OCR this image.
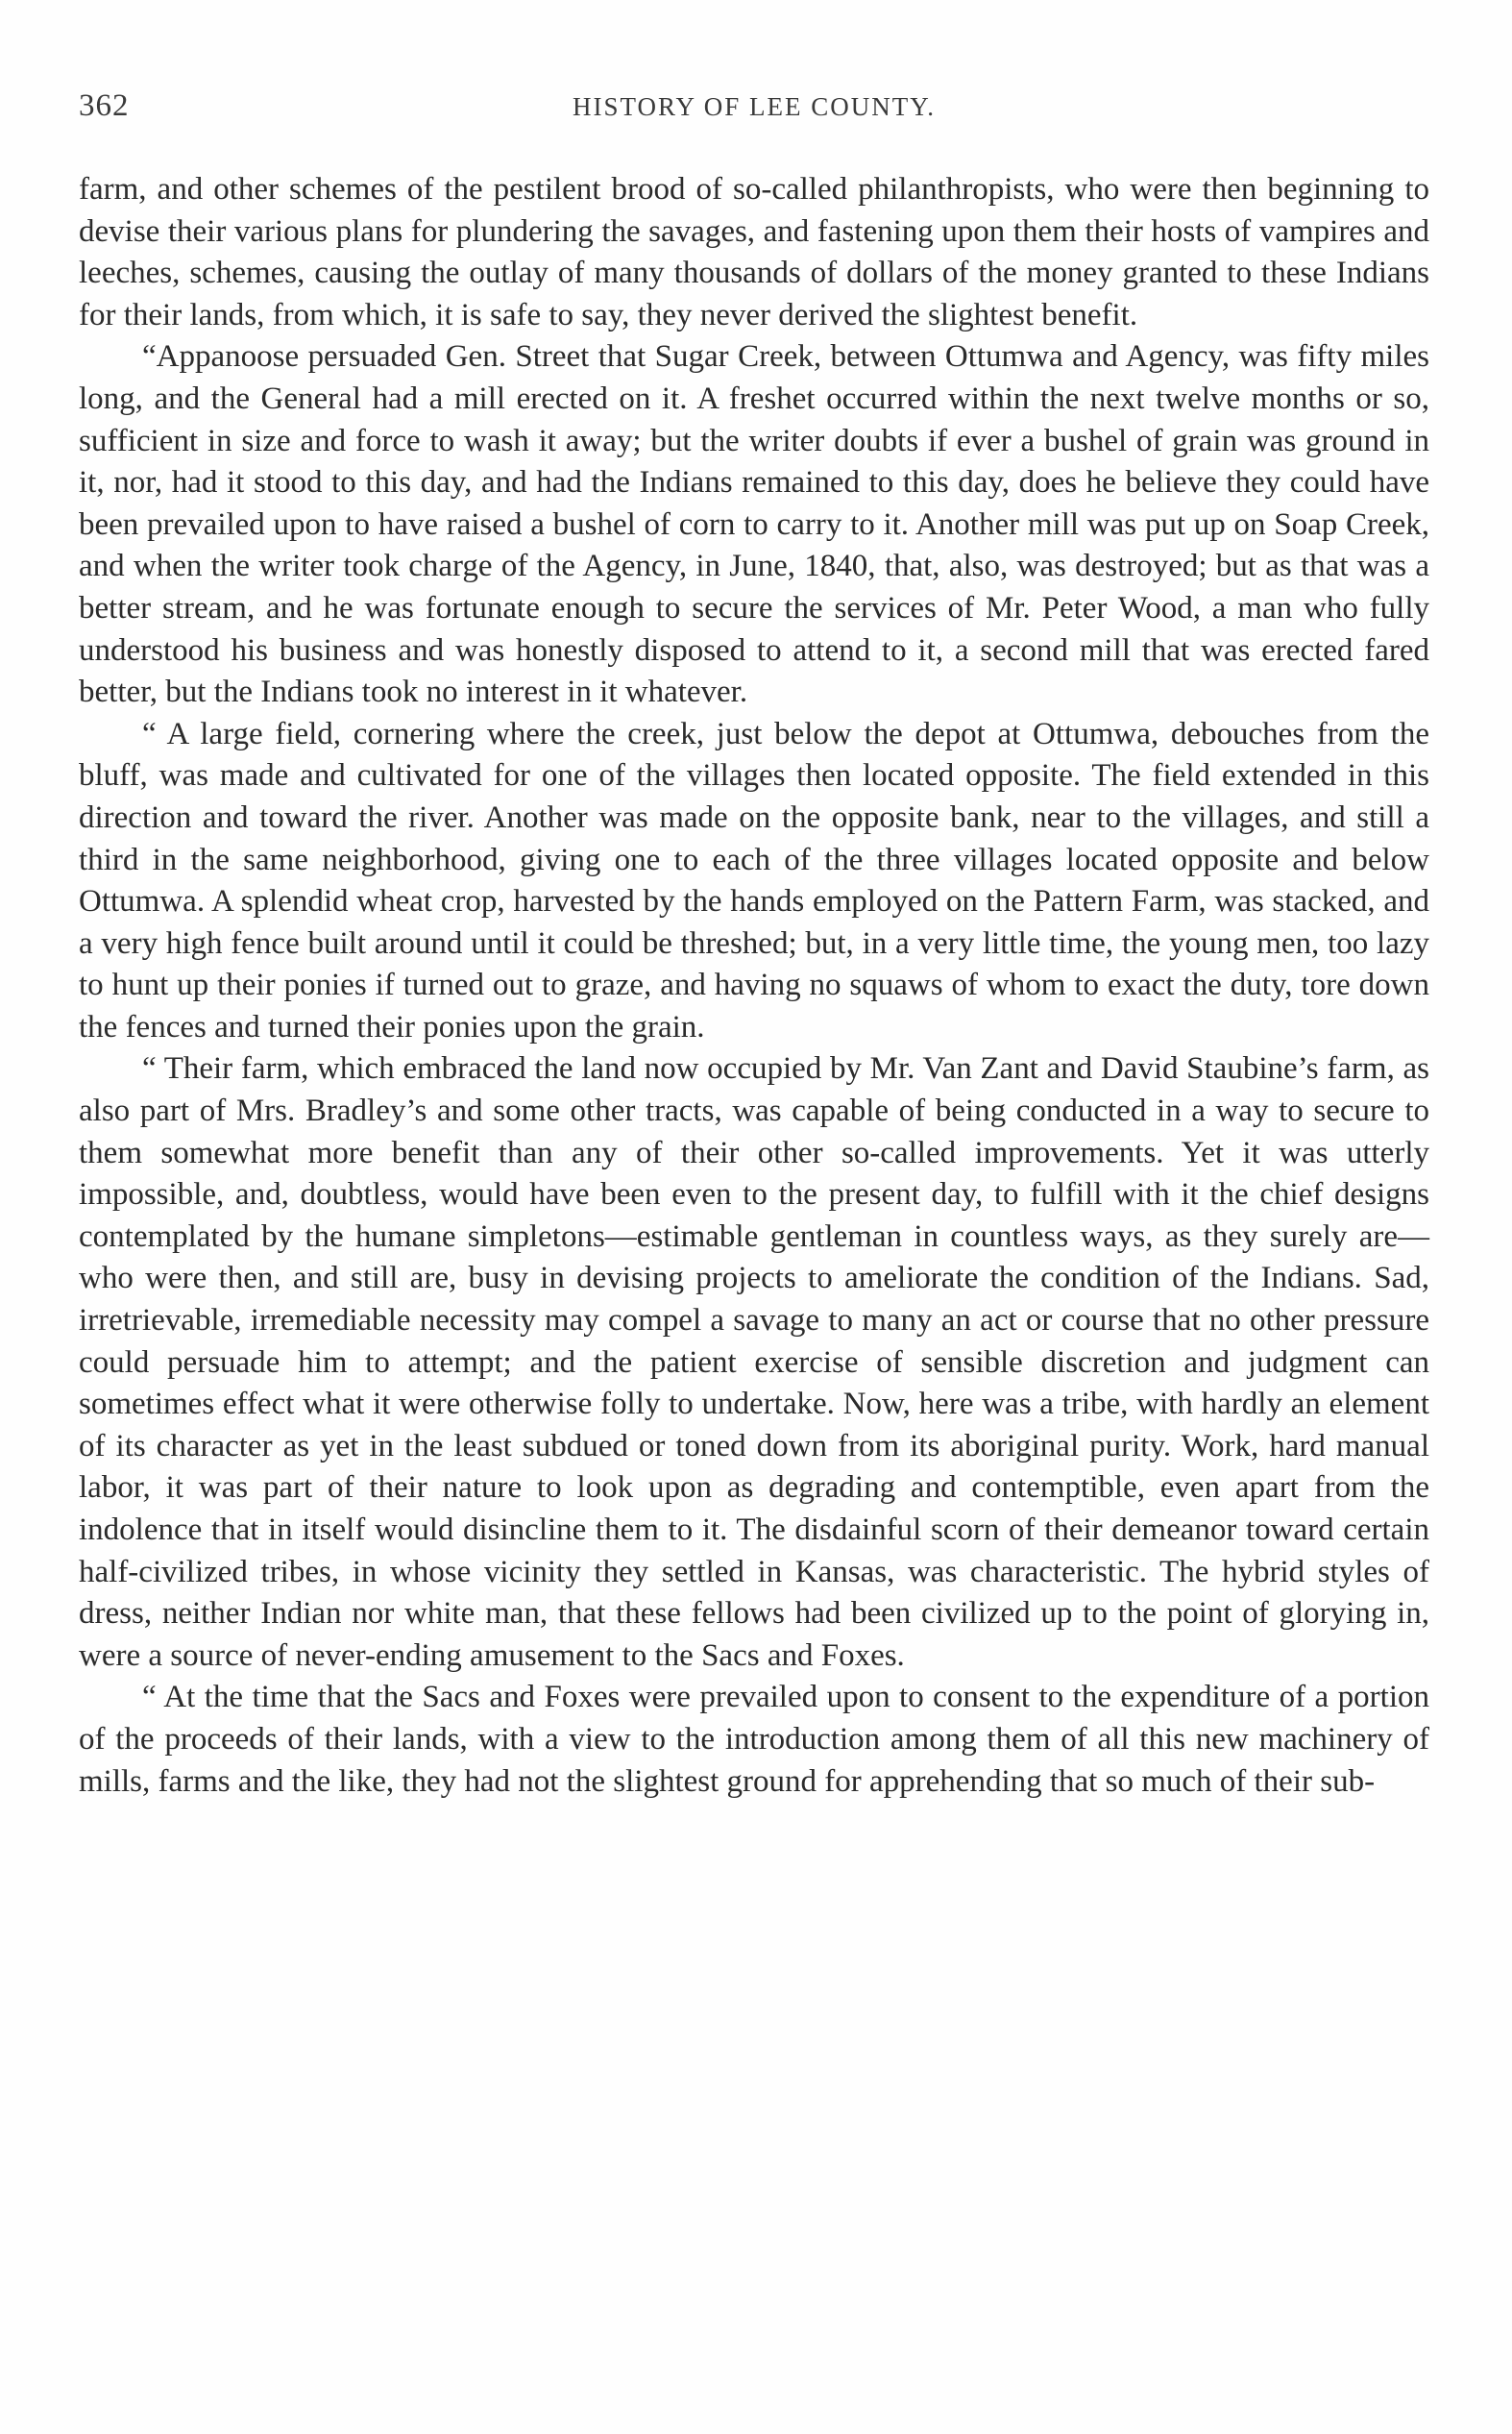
362	HISTORY OF LEE COUNTY.

farm, and other schemes of the pestilent brood of so-called philanthropists, who were then beginning to devise their various plans for plundering the savages, and fastening upon them their hosts of vampires and leeches, schemes, causing the outlay of many thousands of dollars of the money granted to these Indians for their lands, from which, it is safe to say, they never derived the slightest benefit.

“Appanoose persuaded Gen. Street that Sugar Creek, between Ottumwa and Agency, was fifty miles long, and the General had a mill erected on it. A freshet occurred within the next twelve months or so, sufficient in size and force to wash it away; but the writer doubts if ever a bushel of grain was ground in it, nor, had it stood to this day, and had the Indians remained to this day, does he believe they could have been prevailed upon to have raised a bushel of corn to carry to it. Another mill was put up on Soap Creek, and when the writer took charge of the Agency, in June, 1840, that, also, was destroyed; but as that was a better stream, and he was fortunate enough to secure the services of Mr. Peter Wood, a man who fully understood his business and was honestly disposed to attend to it, a second mill that was erected fared better, but the Indians took no interest in it whatever.

“ A large field, cornering where the creek, just below the depot at Ottumwa, debouches from the bluff, was made and cultivated for one of the villages then located opposite. The field extended in this direction and toward the river. Another was made on the opposite bank, near to the villages, and still a third in the same neighborhood, giving one to each of the three villages located opposite and below Ottumwa. A splendid wheat crop, harvested by the hands employed on the Pattern Farm, was stacked, and a very high fence built around until it could be threshed; but, in a very little time, the young men, too lazy to hunt up their ponies if turned out to graze, and having no squaws of whom to exact the duty, tore down the fences and turned their ponies upon the grain.

“ Their farm, which embraced the land now occupied by Mr. Van Zant and David Staubine’s farm, as also part of Mrs. Bradley’s and some other tracts, was capable of being conducted in a way to secure to them somewhat more benefit than any of their other so-called improvements. Yet it was utterly impossible, and, doubtless, would have been even to the present day, to fulfill with it the chief designs contemplated by the humane simpletons—estimable gentleman in countless ways, as they surely are—who were then, and still are, busy in devising projects to ameliorate the condition of the Indians. Sad, irretrievable, irremediable necessity may compel a savage to many an act or course that no other pressure could persuade him to attempt; and the patient exercise of sensible discretion and judgment can sometimes effect what it were otherwise folly to undertake. Now, here was a tribe, with hardly an element of its character as yet in the least subdued or toned down from its aboriginal purity. Work, hard manual labor, it was part of their nature to look upon as degrading and contemptible, even apart from the indolence that in itself would disincline them to it. The disdainful scorn of their demeanor toward certain half-civilized tribes, in whose vicinity they settled in Kansas, was characteristic. The hybrid styles of dress, neither Indian nor white man, that these fellows had been civilized up to the point of glorying in, were a source of never-ending amusement to the Sacs and Foxes.

“ At the time that the Sacs and Foxes were prevailed upon to consent to the expenditure of a portion of the proceeds of their lands, with a view to the introduction among them of all this new machinery of mills, farms and the like, they had not the slightest ground for apprehending that so much of their sub-
